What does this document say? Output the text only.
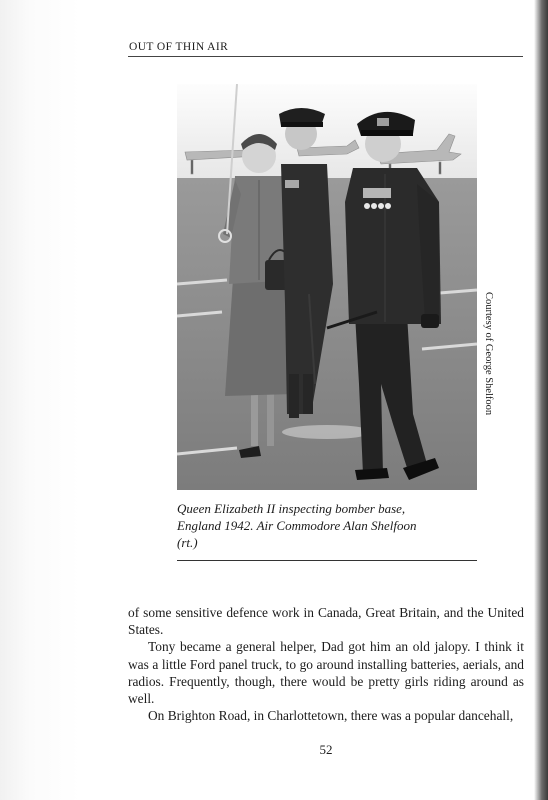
OUT OF THIN AIR
Courtesy of George Shelfoon
Queen Elizabeth II inspecting bomber base,
England 1942. Air Commodore Alan Shelfoon
(rt.)

of some sensitive defence work in Canada, Great Britain, and the United States.

Tony became a general helper, Dad got him an old jalopy. I think it was a little Ford panel truck, to go around installing batteries, aerials, and radios. Frequently, though, there would be pretty girls riding around as well.

On Brighton Road, in Charlottetown, there was a popular dancehall,

52
